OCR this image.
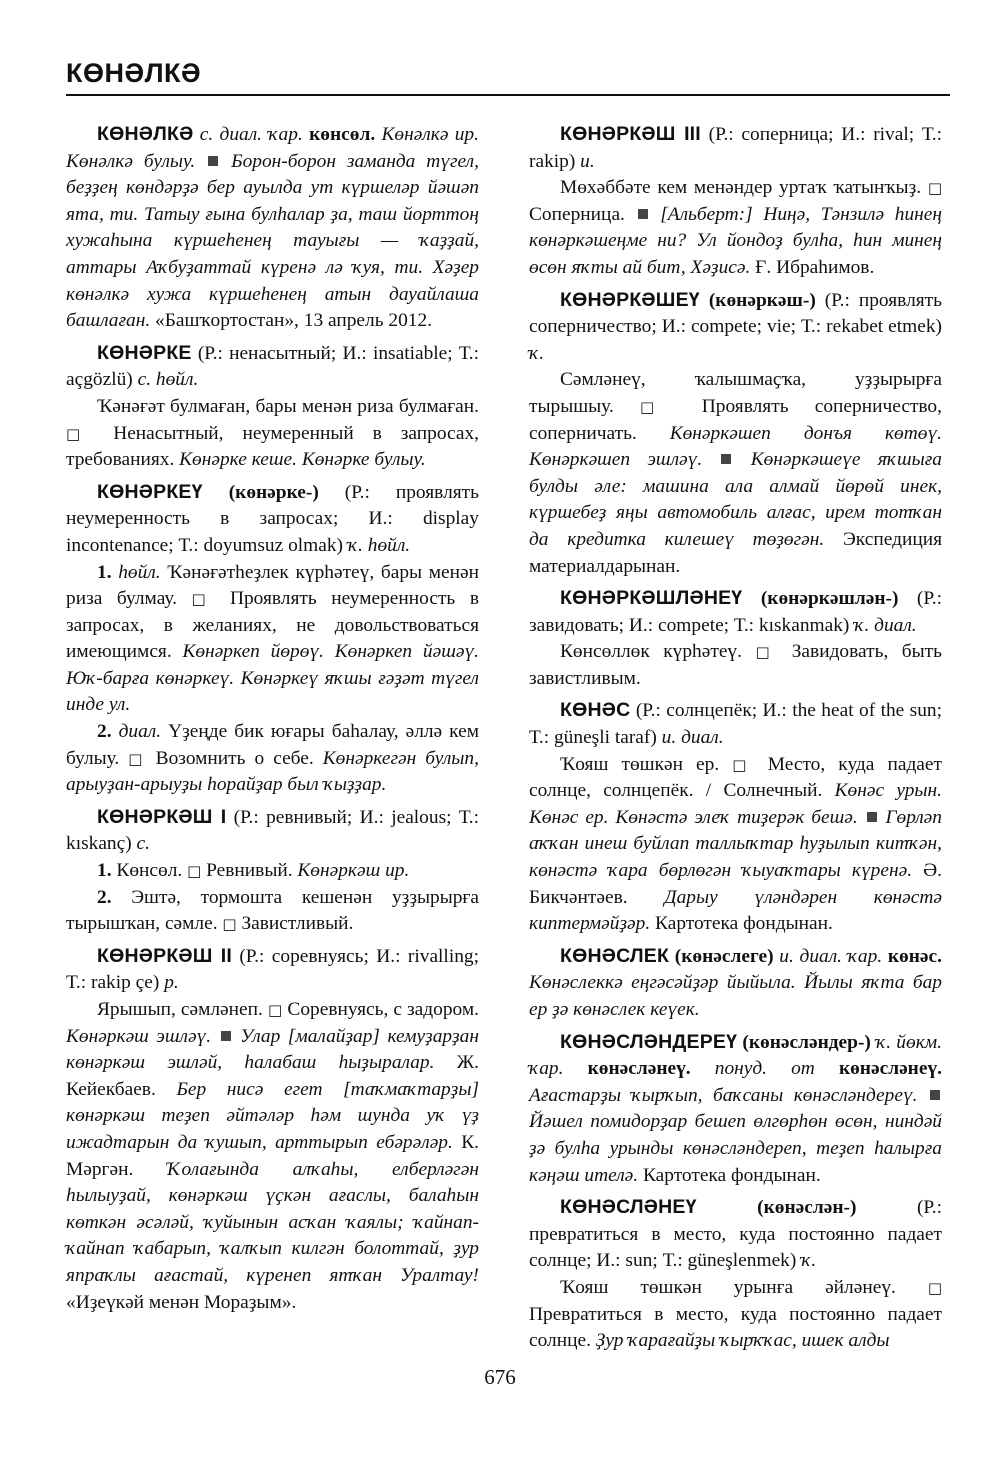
КӨНӘЛКӘ

КӨНӘЛКӘ с. диал. ҡар. көнсөл. Көнәлкә ир. Көнәлкә булыу. Борон-борон заманда түгел, беҙҙең көндәрҙә бер ауылда ут күршеләр йәшәп ята, ти. Татыу ғына булһалар ҙа, таш йорттоң хужаһына күршеһенең тауығы — ҡаҙҙай, аттары Аҡбуҙаттай күренә лә ҡуя, ти. Хәҙер көнәлкә хужа күршеһенең атын дауайлаша башлаған. «Башҡортостан», 13 апрель 2012.

КӨНӘРКЕ (Р.: ненасытный; И.: insatiable; Т.: açgözlü) с. һөйл.

Ҡәнәғәт булмаған, бары менән риза булмаған. □ Ненасытный, неумеренный в запросах, требованиях. Көнәрке кеше. Көнәрке булыу.

КӨНӘРКЕҮ (көнәрке-) (Р.: проявлять неумеренность в запросах; И.: display incontenance; Т.: doyumsuz olmak) ҡ. һөйл.

1. һөйл. Ҡәнәғәтһеҙлек күрһәтеү, бары менән риза булмау. □ Проявлять неумеренность в запросах, в желаниях, не довольствоваться имеющимся. Көнәркеп йөрөү. Көнәркеп йәшәү. Юҡ-барға көнәркеү. Көнәркеү яҡшы ғәҙәт түгел инде ул.

2. диал. Үҙеңде бик юғары баһалау, әллә кем булыу. □ Возомнить о себе. Көнәркегән булып, арыуҙан-арыуҙы һорайҙар был ҡыҙҙар.

КӨНӘРКӘШ I (Р.: ревнивый; И.: jealous; Т.: kıskanç) с.

1. Көнсөл. □ Ревнивый. Көнәркәш ир.

2. Эштә, тормошта кешенән уҙҙырырға тырышҡан, сәмле. □ Завистливый.

КӨНӘРКӘШ II (Р.: соревнуясь; И.: rivalling; Т.: rakip çe) р.

Ярышып, сәмләнеп. □ Соревнуясь, с задором. Көнәркәш эшләү. Улар [малайҙар] кемуҙарҙан көнәркәш эшләй, һалабаш һыҙыралар. Ж. Кейекбаев. Бер нисә егет [таҡмаҡтарҙы] көнәркәш теҙеп әйтәләр һәм шунда уҡ үҙ ижадтарын да ҡушып, арттырып ебәрәләр. К. Мәргән. Ҡолағында алҡаһы, елберләгән һылыуҙай, көнәркәш үҫкән ағаслы, балаһын көткән әсәләй, ҡуйынын асҡан ҡаялы; ҡайнап-ҡайнап ҡабарып, ҡалҡып килгән болоттай, ҙур япраҡлы ағастай, күренеп ятҡан Уралтау! «Иҙеүкәй менән Мораҙым».

КӨНӘРКӘШ III (Р.: соперница; И.: rival; Т.: rakip) и.

Мөхәббәте кем менәндер уртаҡ ҡатынҡыҙ. □ Соперница.  [Альберт:] Ниңә, Тәнзилә һинең көнәркәшеңме ни? Ул йондоҙ булһа, һин минең өсөн яҡты ай бит, Хәҙисә. Ғ. Ибраһимов.

КӨНӘРКӘШЕҮ (көнәркәш-) (Р.: проявлять соперничество; И.: compete; vie; Т.: rekabet etmek) ҡ.

Сәмләнеү, ҡалышмаҫҡа, уҙҙырырға тырышыу. □ Проявлять соперничество, соперничать. Көнәркәшеп донъя көтөү. Көнәркәшеп эшләү.	Көнәркәшеүе яҡшыға булды әле: машина ала алмай йөрөй инек, күршебеҙ яңы автомобиль алғас, ирем тотҡан да кредитка килешеү төҙөгән. Экспедиция материалдарынан.

КӨНӘРКӘШЛӘНЕҮ (көнәркәшлән-) (Р.: завидовать; И.: compete; Т.: kıskanmak) ҡ. диал.

Көнсөллөк күрһәтеү. □ Завидовать, быть завистливым.

КӨНӘС (Р.: солнцепёк; И.: the heat of the sun; Т.: güneşli taraf) и. диал.

Ҡояш төшкән ер. □ Место, куда падает солнце, солнцепёк. / Солнечный. Көнәс урын. Көнәс ер. Көнәстә элеҡ тиҙерәк бешә. Гөрләп аҡҡан инеш буйлап таллыҡтар һуҙылып китҡән, көнәстә ҡара бөрлөгән ҡыуаҡтары күренә. Ә. Бикчәнтәев. Дарыу үләндәрен көнәстә киптермәйҙәр. Картотека фондынан.

КӨНӘСЛЕК (көнәслеге) и. диал. ҡар. көнәс. Көнәслеккә еңгәсәйҙәр йыйыла. Йылы яҡта бар ер ҙә көнәслек кеүек.

КӨНӘСЛӘНДЕРЕҮ (көнәсләндер-) ҡ. йөкм. ҡар. көнәсләнеү. понуд. от көнәсләнеү. Ағастарҙы ҡырҡып, баҡсаны көнәсләндереү.  Йәшел помидорҙар бешеп өлгөрһөн өсөн, ниндәй ҙә булһа урынды көнәсләндереп, теҙеп һалырға кәңәш ителә. Картотека фондынан.

КӨНӘСЛӘНЕҮ	(көнәслән-) (Р.: превратиться в место, куда постоянно падает солнце; И.: sun; Т.: güneşlenmek) ҡ.

Ҡояш төшкән урынға әйләнеү. □ Превратиться в место, куда постоянно падает солнце. Ҙур ҡарағайҙы ҡырҡҡас, ишек алды

676
